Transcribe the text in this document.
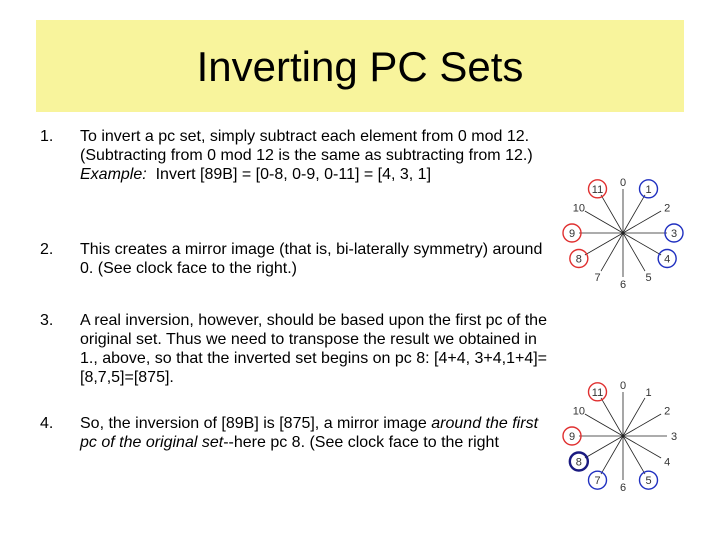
Inverting PC Sets
1.	To invert a pc set, simply subtract each element from 0 mod 12. (Subtracting from 0 mod 12 is the same as subtracting from 12.)
Example:  Invert [89B] = [0-8, 0-9, 0-11] = [4, 3, 1]
2.	This creates a mirror image (that is, bi-laterally symmetry) around 0. (See clock face to the right.)
3.	A real inversion, however, should be based upon the first pc of the original set. Thus we need to transpose the result we obtained in 1., above, so that the inverted set begins on pc 8: [4+4, 3+4,1+4]=[8,7,5]=[875].
4.	So, the inversion of [89B] is [875], a mirror image around the first pc of the original set--here pc 8. (See clock face to the right
0
1
2
3
4
5
6
7
8
9
10
11
0
1
2
3
4
5
6
7
8
9
10
11
